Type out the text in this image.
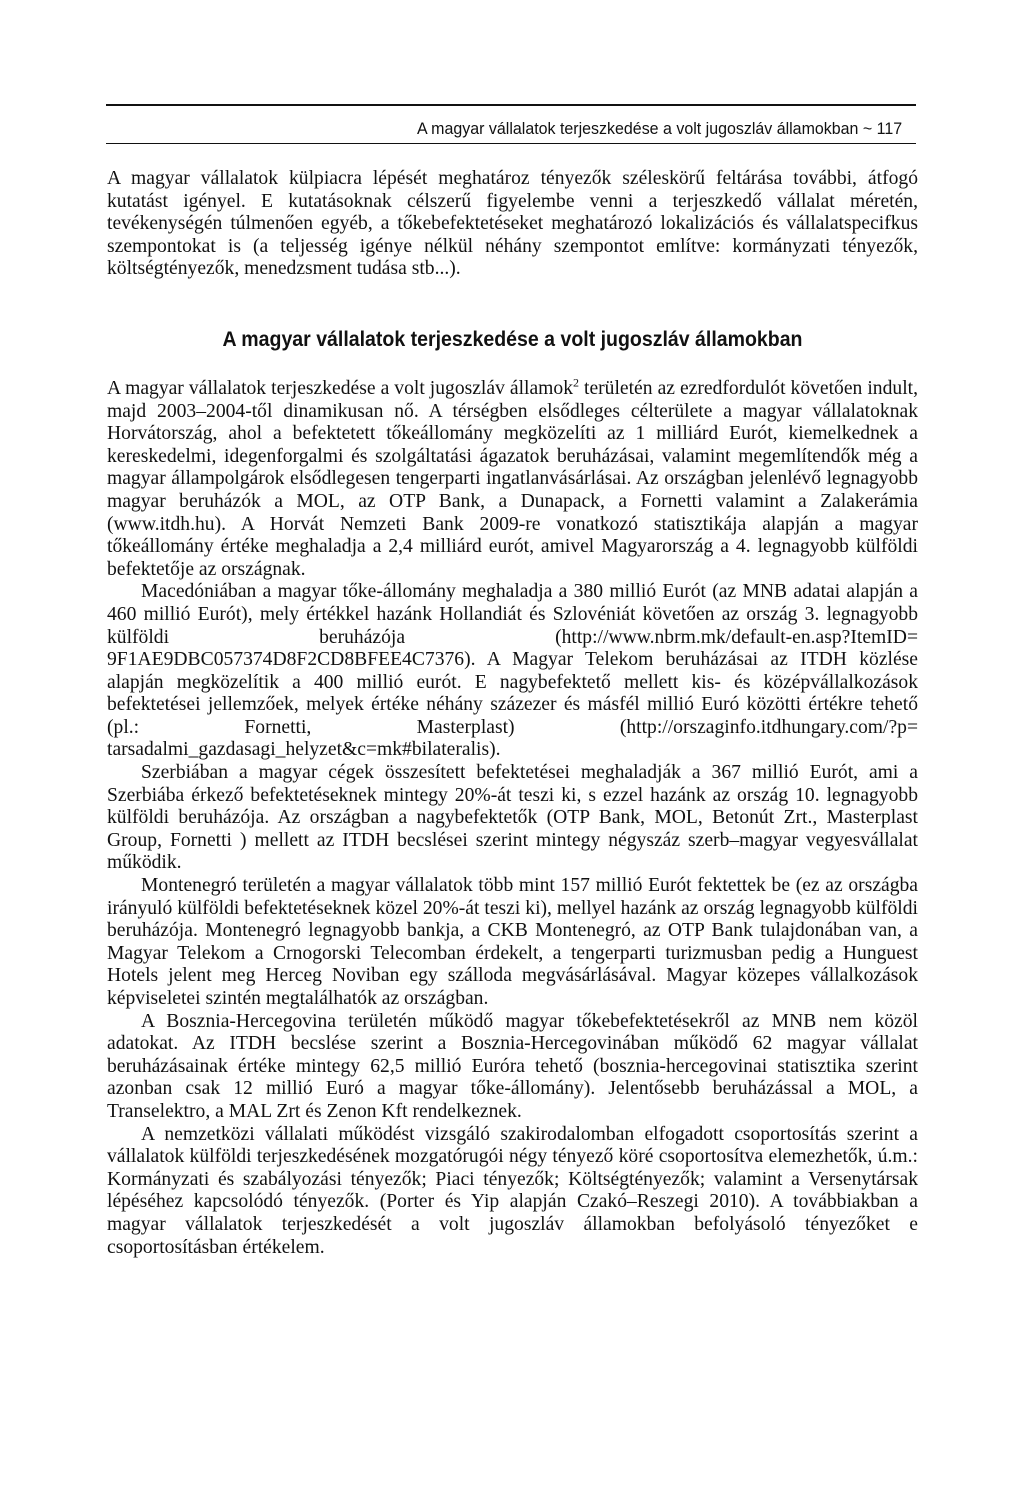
A magyar vállalatok terjeszkedése a volt jugoszláv államokban ~ 117

A magyar vállalatok külpiacra lépését meghatároz tényezők széleskörű feltárása további, átfogó kutatást igényel. E kutatásoknak célszerű figyelembe venni a terjeszkedő vállalat méretén, tevékenységén túlmenően egyéb, a tőkebefektetéseket meghatározó lokalizációs és vállalatspecifkus szempontokat is (a teljesség igénye nélkül néhány szempontot említve: kormányzati tényezők, költségtényezők, menedzsment tudása stb...).

A magyar vállalatok terjeszkedése a volt jugoszláv államokban

A magyar vállalatok terjeszkedése a volt jugoszláv államok$^2$ területén az ezredfordulót követően indult, majd 2003–2004-től dinamikusan nő. A térségben elsődleges célterülete a magyar vállalatoknak Horvátország, ahol a befektetett tőkeállomány megközelíti az 1 milliárd Eurót, kiemelkednek a kereskedelmi, idegenforgalmi és szolgáltatási ágazatok beruházásai, valamint megemlítendők még a magyar állampolgárok elsődlegesen tengerparti ingatlanvásárlásai. Az országban jelenlévő legnagyobb magyar beruházók a MOL, az OTP Bank, a Dunapack, a Fornetti valamint a Zalakerámia (www.itdh.hu). A Horvát Nemzeti Bank 2009-re vonatkozó statisztikája alapján a magyar tőkeállomány értéke meghaladja a 2,4 milliárd eurót, amivel Magyarország a 4. legnagyobb külföldi befektetője az országnak.

Macedóniában a magyar tőke-állomány meghaladja a 380 millió Eurót (az MNB adatai alapján a 460 millió Eurót), mely értékkel hazánk Hollandiát és Szlovéniát követően az ország 3. legnagyobb külföldi beruházója (http://www.nbrm.mk/default-en.asp?ItemID= 9F1AE9DBC057374D8F2CD8BFEE4C7376). A Magyar Telekom beruházásai az ITDH közlése alapján megközelítik a 400 millió eurót. E nagybefektető mellett kis- és középvállalkozások befektetései jellemzőek, melyek értéke néhány százezer és másfél millió Euró közötti értékre tehető (pl.: Fornetti, Masterplast) (http://orszaginfo.itdhungary.com/?p= tarsadalmi_gazdasagi_helyzet&c=mk#bilateralis).

Szerbiában a magyar cégek összesített befektetései meghaladják a 367 millió Eurót, ami a Szerbiába érkező befektetéseknek mintegy 20%-át teszi ki, s ezzel hazánk az ország 10. legnagyobb külföldi beruházója. Az országban a nagybefektetők (OTP Bank, MOL, Betonút Zrt., Masterplast Group, Fornetti ) mellett az ITDH becslései szerint mintegy négyszáz szerb–magyar vegyesvállalat működik.

Montenegró területén a magyar vállalatok több mint 157 millió Eurót fektettek be (ez az országba irányuló külföldi befektetéseknek közel 20%-át teszi ki), mellyel hazánk az ország legnagyobb külföldi beruházója. Montenegró legnagyobb bankja, a CKB Montenegró, az OTP Bank tulajdonában van, a Magyar Telekom a Crnogorski Telecomban érdekelt, a tengerparti turizmusban pedig a Hunguest Hotels jelent meg Herceg Noviban egy szálloda megvásárlásával. Magyar közepes vállalkozások képviseletei szintén megtalálhatók az országban.

A Bosznia-Hercegovina területén működő magyar tőkebefektetésekről az MNB nem közöl adatokat. Az ITDH becslése szerint a Bosznia-Hercegovinában működő 62 magyar vállalat beruházásainak értéke mintegy 62,5 millió Euróra tehető (bosznia-hercegovinai statisztika szerint azonban csak 12 millió Euró a magyar tőke-állomány). Jelentősebb beruházással a MOL, a Transelektro, a MAL Zrt és Zenon Kft rendelkeznek.

A nemzetközi vállalati működést vizsgáló szakirodalomban elfogadott csoportosítás szerint a vállalatok külföldi terjeszkedésének mozgatórugói négy tényező köré csoportosítva elemezhetők, ú.m.: Kormányzati és szabályozási tényezők; Piaci tényezők; Költségtényezők; valamint a Versenytársak lépéséhez kapcsolódó tényezők. (Porter és Yip alapján Czakó–Reszegi 2010). A továbbiakban a magyar vállalatok terjeszkedését a volt jugoszláv államokban befolyásoló tényezőket e csoportosításban értékelem.
